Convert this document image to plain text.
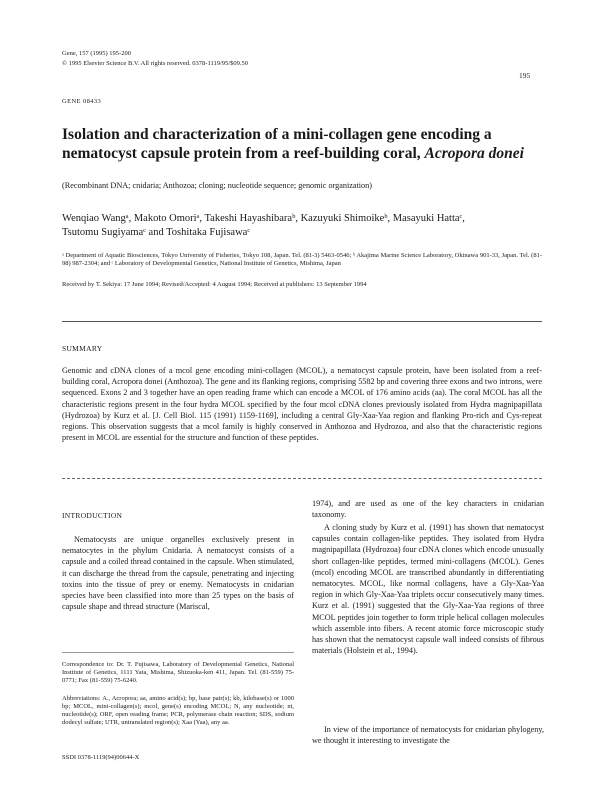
Gene, 157 (1995) 195-200
© 1995 Elsevier Science B.V. All rights reserved. 0378-1119/95/$09.50
195
GENE 08433
Isolation and characterization of a mini-collagen gene encoding a
nematocyst capsule protein from a reef-building coral, Acropora donei
(Recombinant DNA; cnidaria; Anthozoa; cloning; nucleotide sequence; genomic organization)
Wenqiao Wangᵃ, Makoto Omoriᵃ, Takeshi Hayashibaraᵇ, Kazuyuki Shimoikeᵇ, Masayuki Hattaᶜ,
Tsutomu Sugiyamaᶜ and Toshitaka Fujisawaᶜ
ᵃ Department of Aquatic Biosciences, Tokyo University of Fisheries, Tokyo 108, Japan. Tel. (81-3) 5463-0546; ᵇ Akajima Marine Science Laboratory, Okinawa 901-33, Japan. Tel. (81-98) 987-2304; and ᶜ Laboratory of Developmental Genetics, National Institute of Genetics, Mishima, Japan
Received by T. Sekiya: 17 June 1994; Revised/Accepted: 4 August 1994; Received at publishers: 13 September 1994
SUMMARY
Genomic and cDNA clones of a mcol gene encoding mini-collagen (MCOL), a nematocyst capsule protein, have been isolated from a reef-building coral, Acropora donei (Anthozoa). The gene and its flanking regions, comprising 5582 bp and covering three exons and two introns, were sequenced. Exons 2 and 3 together have an open reading frame which can encode a MCOL of 176 amino acids (aa). The coral MCOL has all the characteristic regions present in the four hydra MCOL specified by the four mcol cDNA clones previously isolated from Hydra magnipapillata (Hydrozoa) by Kurz et al. [J. Cell Biol. 115 (1991) 1159-1169], including a central Gly-Xaa-Yaa region and flanking Pro-rich and Cys-repeat regions. This observation suggests that a mcol family is highly conserved in Anthozoa and Hydrozoa, and also that the characteristic regions present in MCOL are essential for the structure and function of these peptides.
INTRODUCTION
Nematocysts are unique organelles exclusively present in nematocytes in the phylum Cnidaria. A nematocyst consists of a capsule and a coiled thread contained in the capsule. When stimulated, it can discharge the thread from the capsule, penetrating and injecting toxins into the tissue of prey or enemy. Nematocysts in cnidarian species have been classified into more than 25 types on the basis of capsule shape and thread structure (Mariscal,
Correspondence to: Dr. T. Fujisawa, Laboratory of Developmental Genetics, National Institute of Genetics, 1111 Yata, Mishima, Shizuoka-ken 411, Japan. Tel. (81-559) 75-0771; Fax (81-559) 75-6240.
Abbreviations: A., Acropora; aa, amino acid(s); bp, base pair(s); kb, kilobase(s) or 1000 bp; MCOL, mini-collagen(s); mcol, gene(s) encoding MCOL; N, any nucleotide; nt, nucleotide(s); ORF, open reading frame; PCR, polymerase chain reaction; SDS, sodium dodecyl sulfate; UTR, untranslated region(s); Xaa (Yaa), any aa.
SSDI 0378-1119(94)00644-X
1974), and are used as one of the key characters in cnidarian taxonomy.
A cloning study by Kurz et al. (1991) has shown that nematocyst capsules contain collagen-like peptides. They isolated from Hydra magnipapillata (Hydrozoa) four cDNA clones which encode unusually short collagen-like peptides, termed mini-collagens (MCOL). Genes (mcol) encoding MCOL are transcribed abundantly in differentiating nematocytes. MCOL, like normal collagens, have a Gly-Xaa-Yaa region in which Gly-Xaa-Yaa triplets occur consecutively many times. Kurz et al. (1991) suggested that the Gly-Xaa-Yaa regions of three MCOL peptides join together to form triple helical collagen molecules which assemble into fibers. A recent atomic force microscopic study has shown that the nematocyst capsule wall indeed consists of fibrous materials (Holstein et al., 1994).
In view of the importance of nematocysts for cnidarian phylogeny, we thought it interesting to investigate the
